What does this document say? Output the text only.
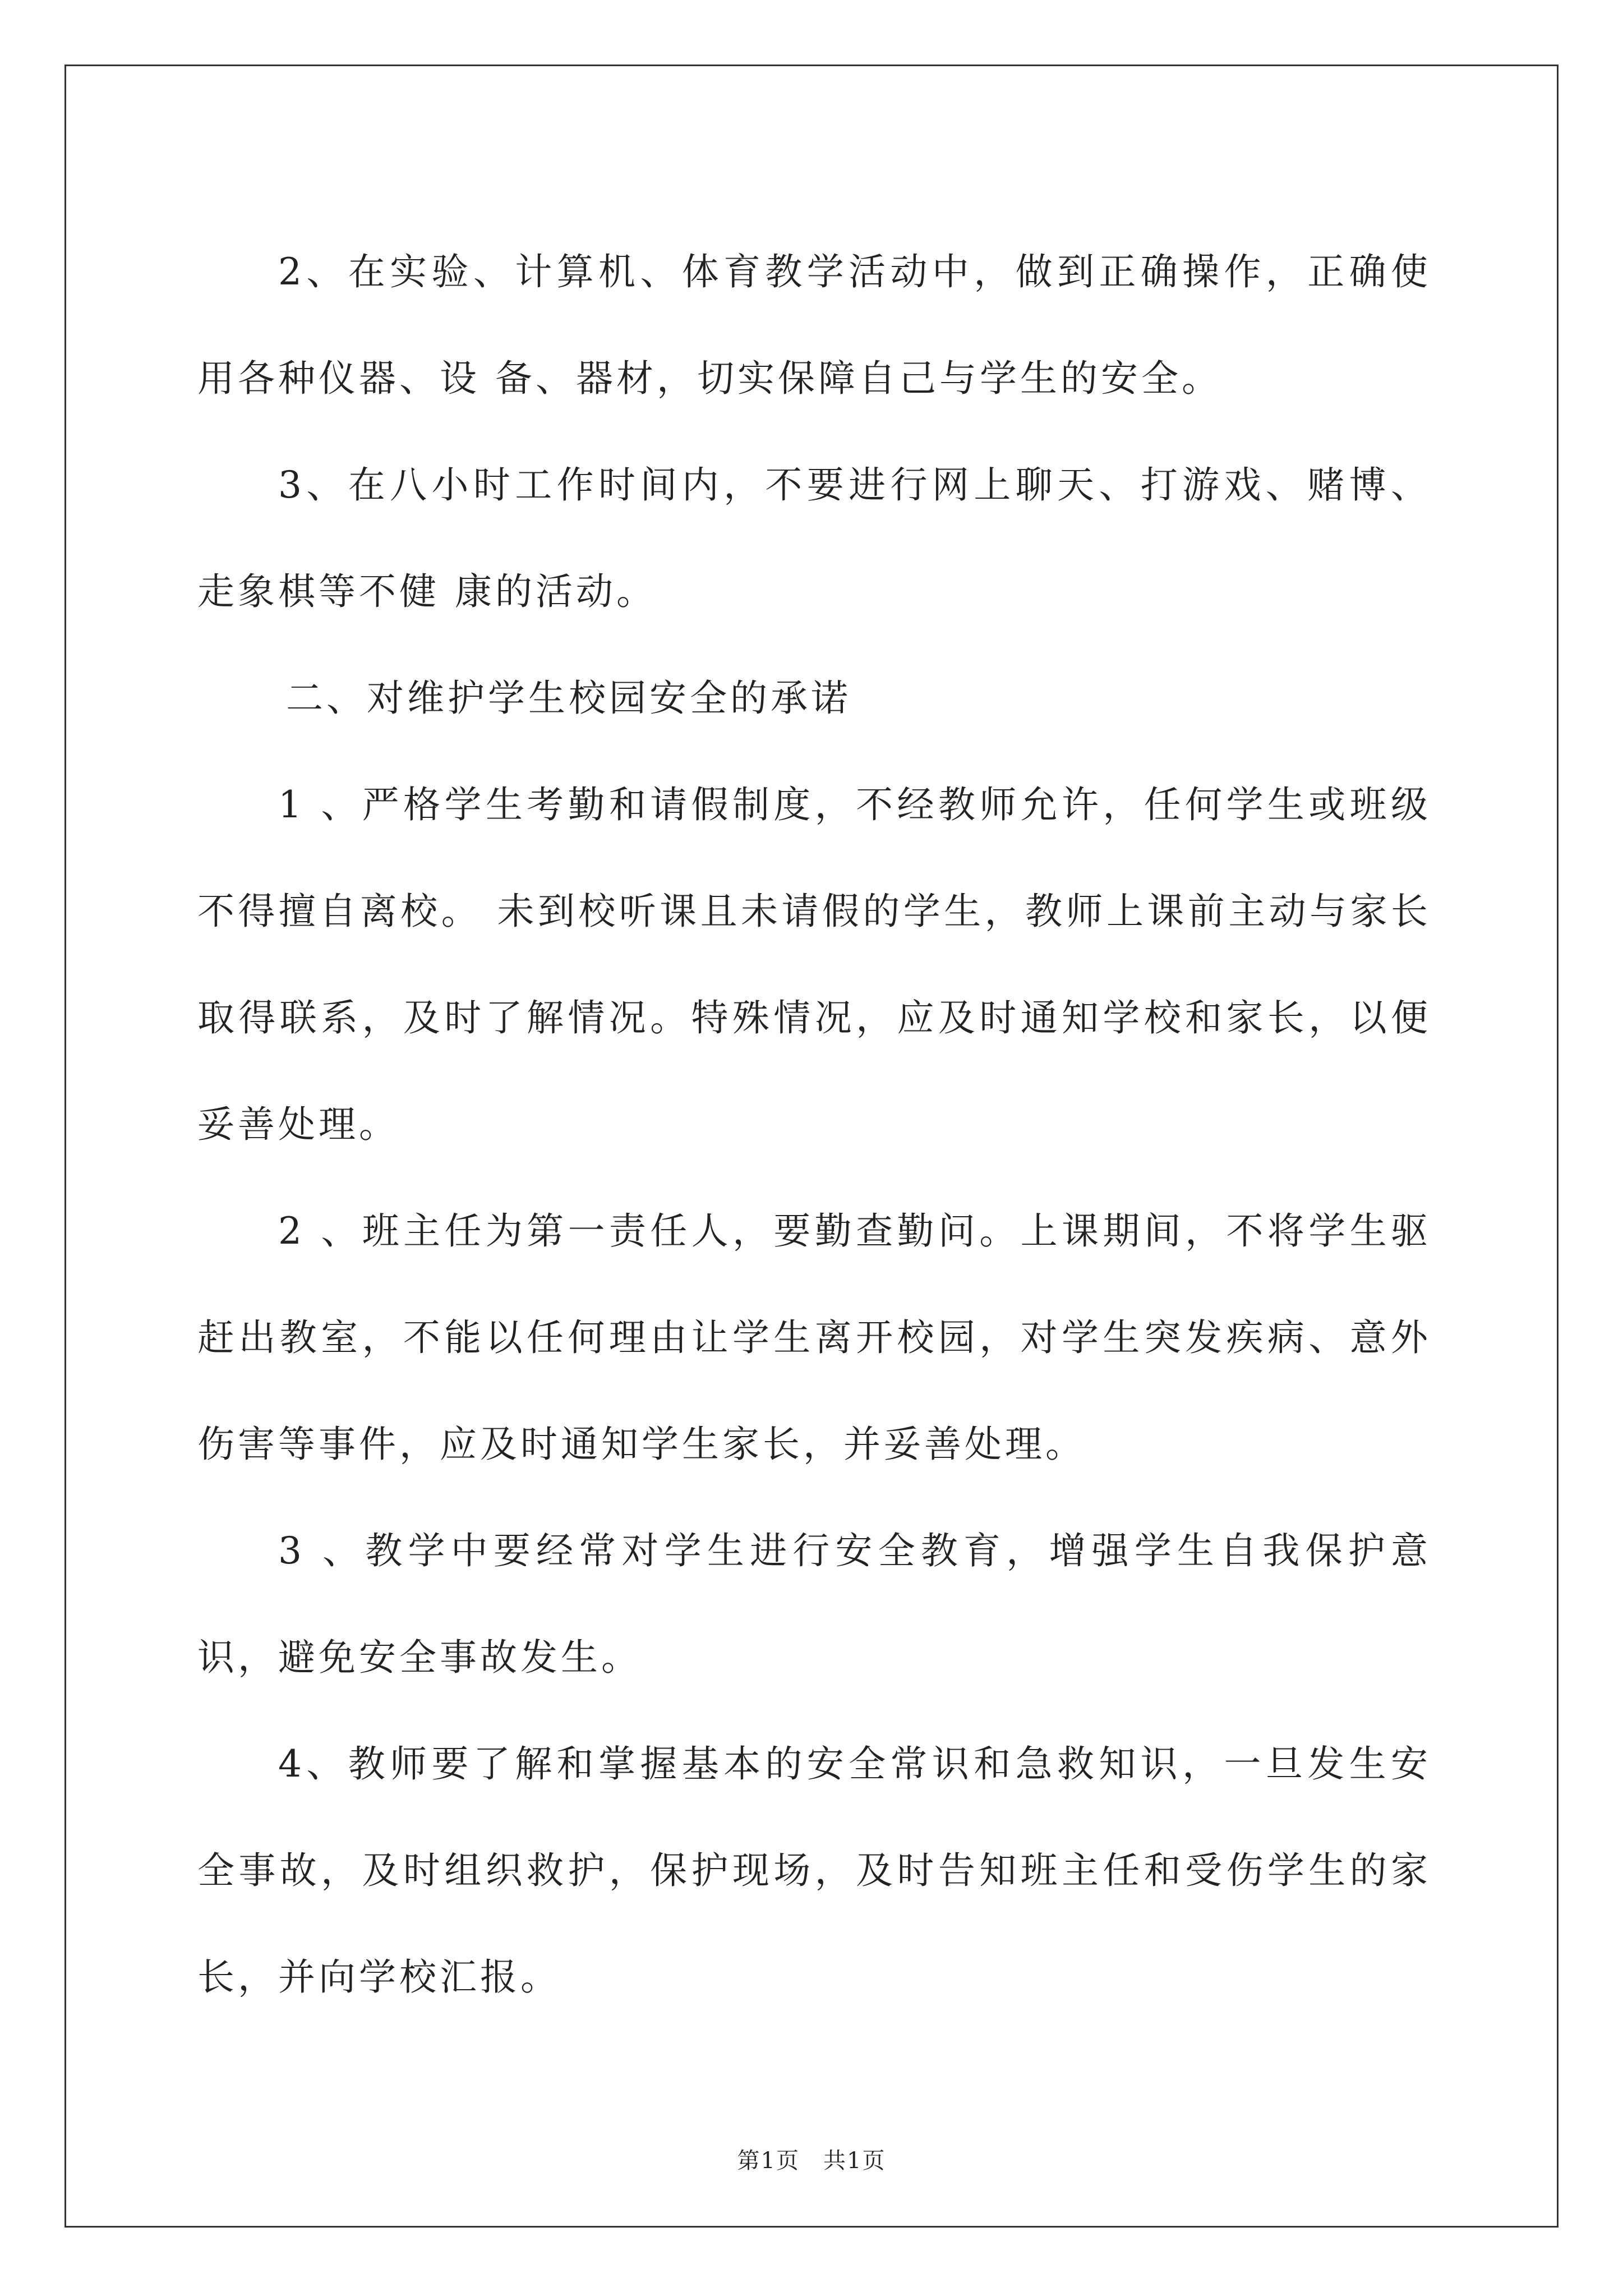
2、在实验、计算机、体育教学活动中，做到正确操作，正确使用各种仪器、设 备、器材，切实保障自己与学生的安全。

3、在八小时工作时间内，不要进行网上聊天、打游戏、赌博、走象棋等不健 康的活动。

二、对维护学生校园安全的承诺

1 、严格学生考勤和请假制度，不经教师允许，任何学生或班级不得擅自离校。 未到校听课且未请假的学生，教师上课前主动与家长取得联系，及时了解情况。特殊情况，应及时通知学校和家长，以便妥善处理。

2 、班主任为第一责任人，要勤查勤问。上课期间，不将学生驱赶出教室，不能以任何理由让学生离开校园，对学生突发疾病、意外伤害等事件，应及时通知学生家长，并妥善处理。

3 、教学中要经常对学生进行安全教育，增强学生自我保护意识，避免安全事故发生。

4、教师要了解和掌握基本的安全常识和急救知识，一旦发生安全事故，及时组织救护，保护现场，及时告知班主任和受伤学生的家长，并向学校汇报。

第1页　共1页
